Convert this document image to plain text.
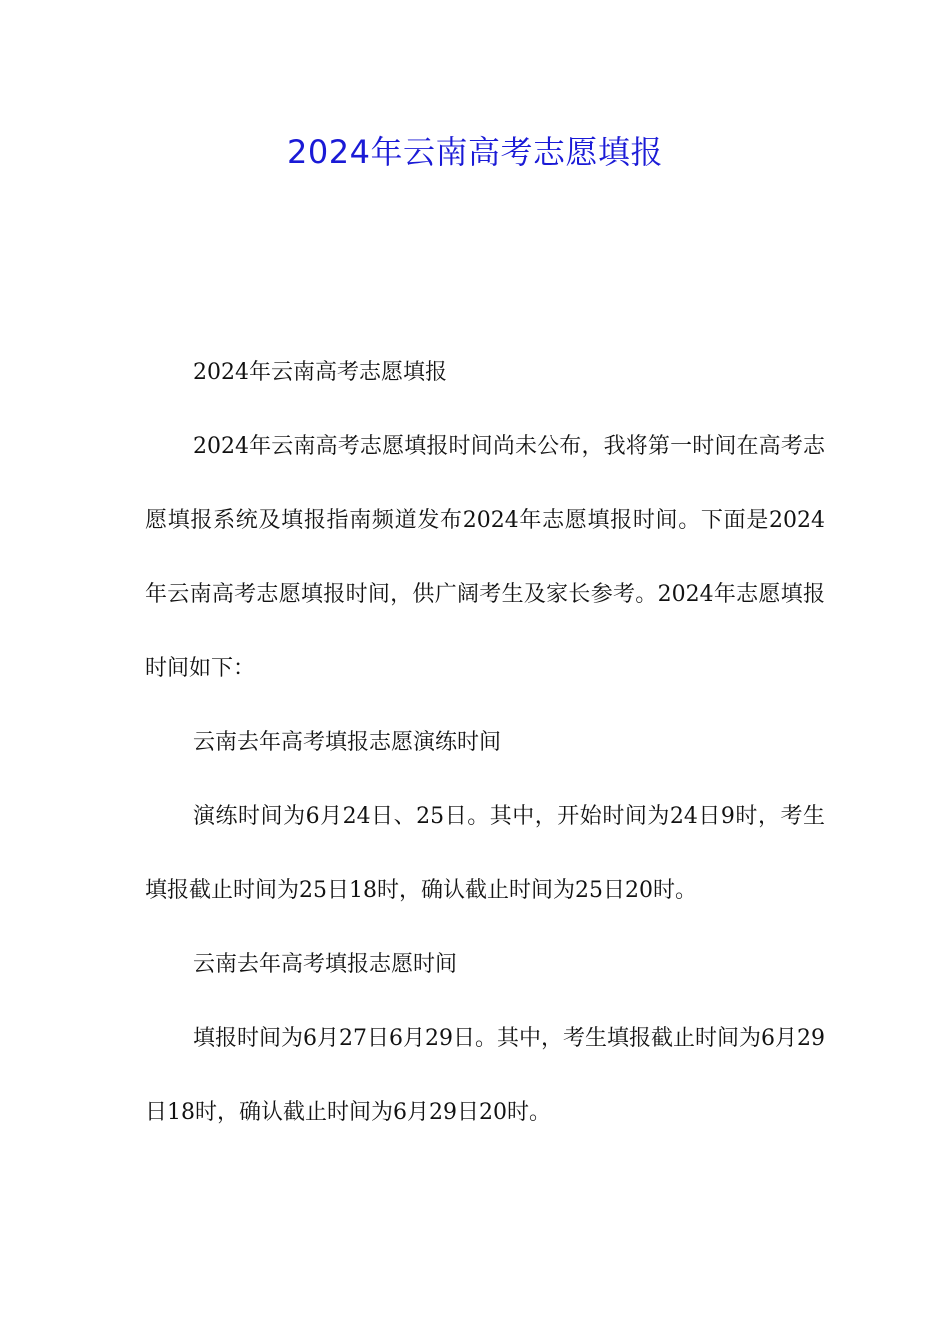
2024年云南高考志愿填报

2024年云南高考志愿填报

2024年云南高考志愿填报时间尚未公布，我将第一时间在高考志愿填报系统及填报指南频道发布2024年志愿填报时间。下面是2024年云南高考志愿填报时间，供广阔考生及家长参考。2024年志愿填报时间如下：

云南去年高考填报志愿演练时间

演练时间为6月24日、25日。其中，开始时间为24日9时，考生填报截止时间为25日18时，确认截止时间为25日20时。

云南去年高考填报志愿时间

填报时间为6月27日6月29日。其中，考生填报截止时间为6月29日18时，确认截止时间为6月29日20时。
